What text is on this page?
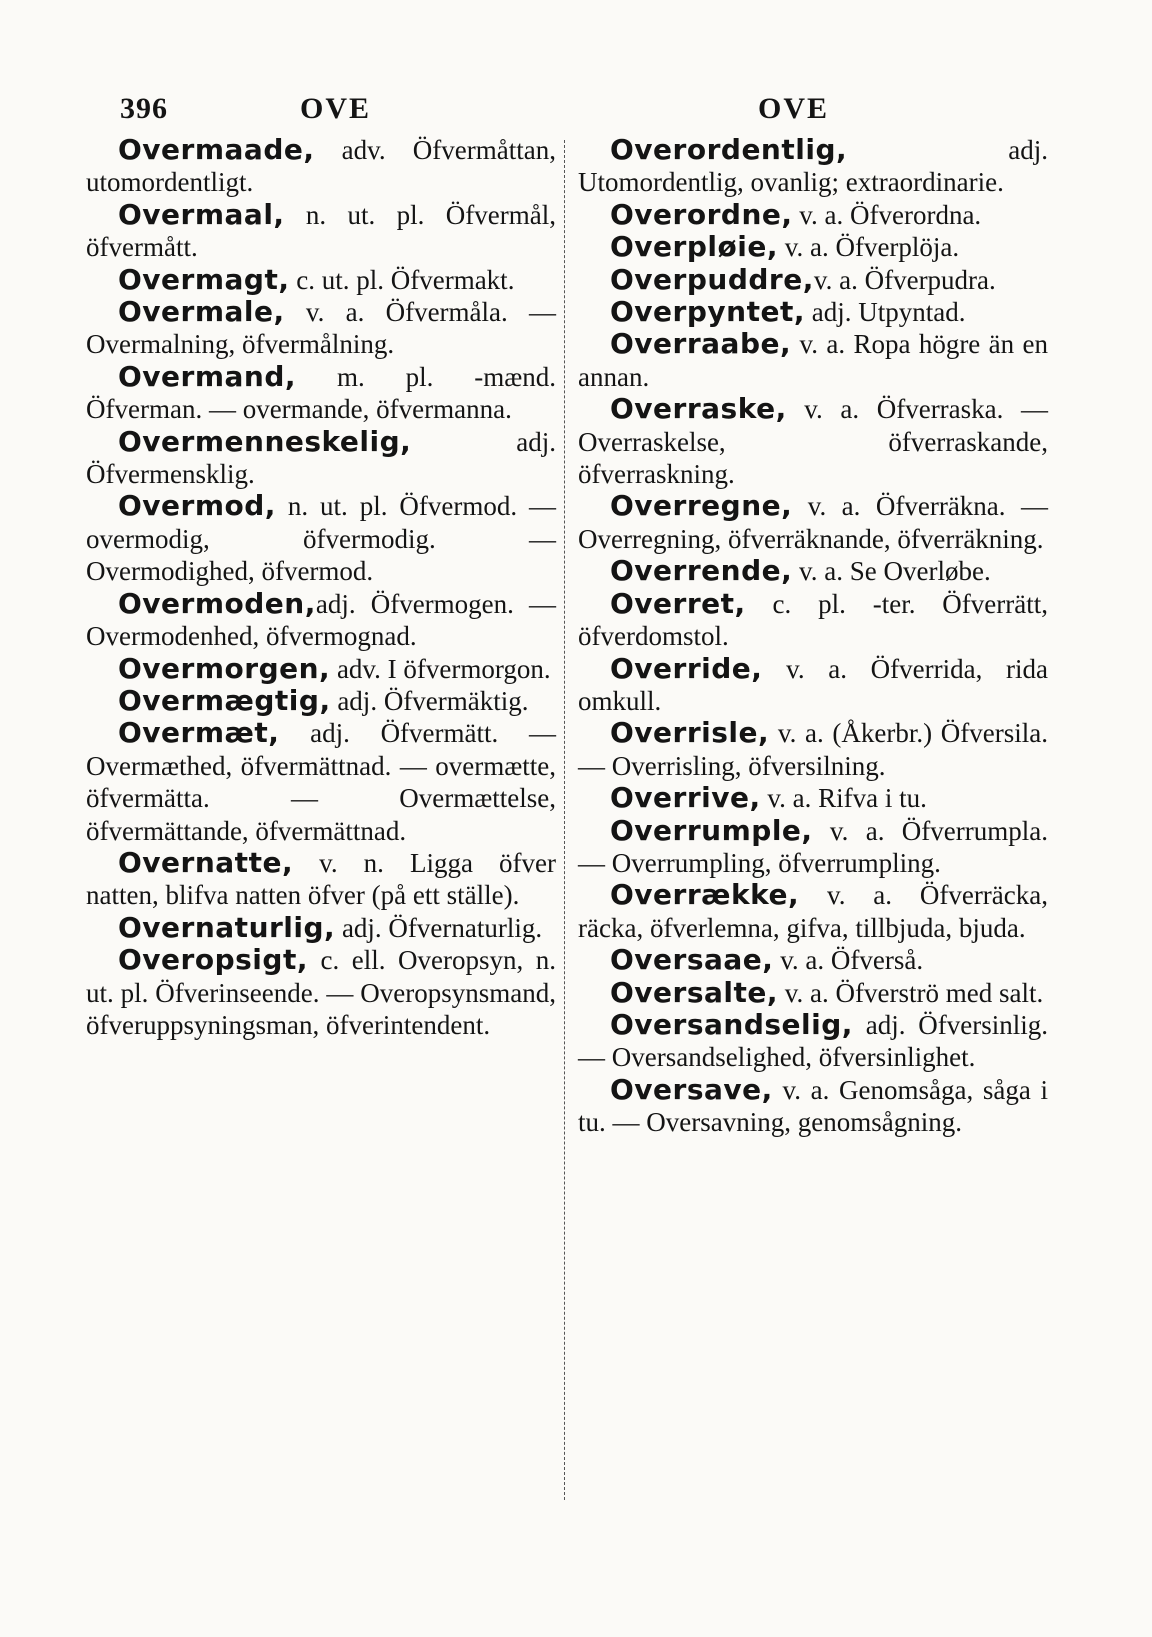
396	OVE	OVE

Overmaade, adv. Öfvermåttan, utomordentligt.

Overmaal, n. ut. pl. Öfvermål, öfvermått.

Overmagt, c. ut. pl. Öfvermakt.

Overmale, v. a. Öfvermåla. — Overmalning, öfvermålning.

Overmand, m. pl. -mænd. Öfverman. — overmande, öfvermanna.

Overmenneskelig, adj. Öfvermensklig.

Overmod, n. ut. pl. Öfvermod. — overmodig, öfvermodig. — Overmodighed, öfvermod.

Overmoden,adj. Öfvermogen. — Overmodenhed, öfvermognad.

Overmorgen, adv. I öfvermorgon.

Overmægtig, adj. Öfvermäktig.

Overmæt, adj. Öfvermätt. — Overmæthed, öfvermättnad. — overmætte, öfvermätta. — Overmættelse, öfvermättande, öfvermättnad.

Overnatte, v. n. Ligga öfver natten, blifva natten öfver (på ett ställe).

Overnaturlig, adj. Öfvernaturlig.

Overopsigt, c. ell. Overopsyn, n. ut. pl. Öfverinseende. — Overopsynsmand, öfveruppsyningsman, öfverintendent.

Overordentlig, adj. Utomordentlig, ovanlig; extraordinarie.

Overordne, v. a. Öfverordna.

Overpløie, v. a. Öfverplöja.

Overpuddre,v. a. Öfverpudra.

Overpyntet, adj. Utpyntad.

Overraabe, v. a. Ropa högre än en annan.

Overraske, v. a. Öfverraska. — Overraskelse, öfverraskande, öfverraskning.

Overregne, v. a. Öfverräkna. — Overregning, öfverräknande, öfverräkning.

Overrende, v. a. Se Overløbe.

Overret, c. pl. -ter. Öfverrätt, öfverdomstol.

Override, v. a. Öfverrida, rida omkull.

Overrisle, v. a. (Åkerbr.) Öfversila. — Overrisling, öfversilning.

Overrive, v. a. Rifva i tu.

Overrumple, v. a. Öfverrumpla. — Overrumpling, öfverrumpling.

Overrække, v. a. Öfverräcka, räcka, öfverlemna, gifva, tillbjuda, bjuda.

Oversaae, v. a. Öfverså.

Oversalte, v. a. Öfverströ med salt.

Oversandselig, adj. Öfversinlig. — Oversandselighed, öfversinlighet.

Oversave, v. a. Genomsåga, såga i tu. — Oversavning, genomsågning.
